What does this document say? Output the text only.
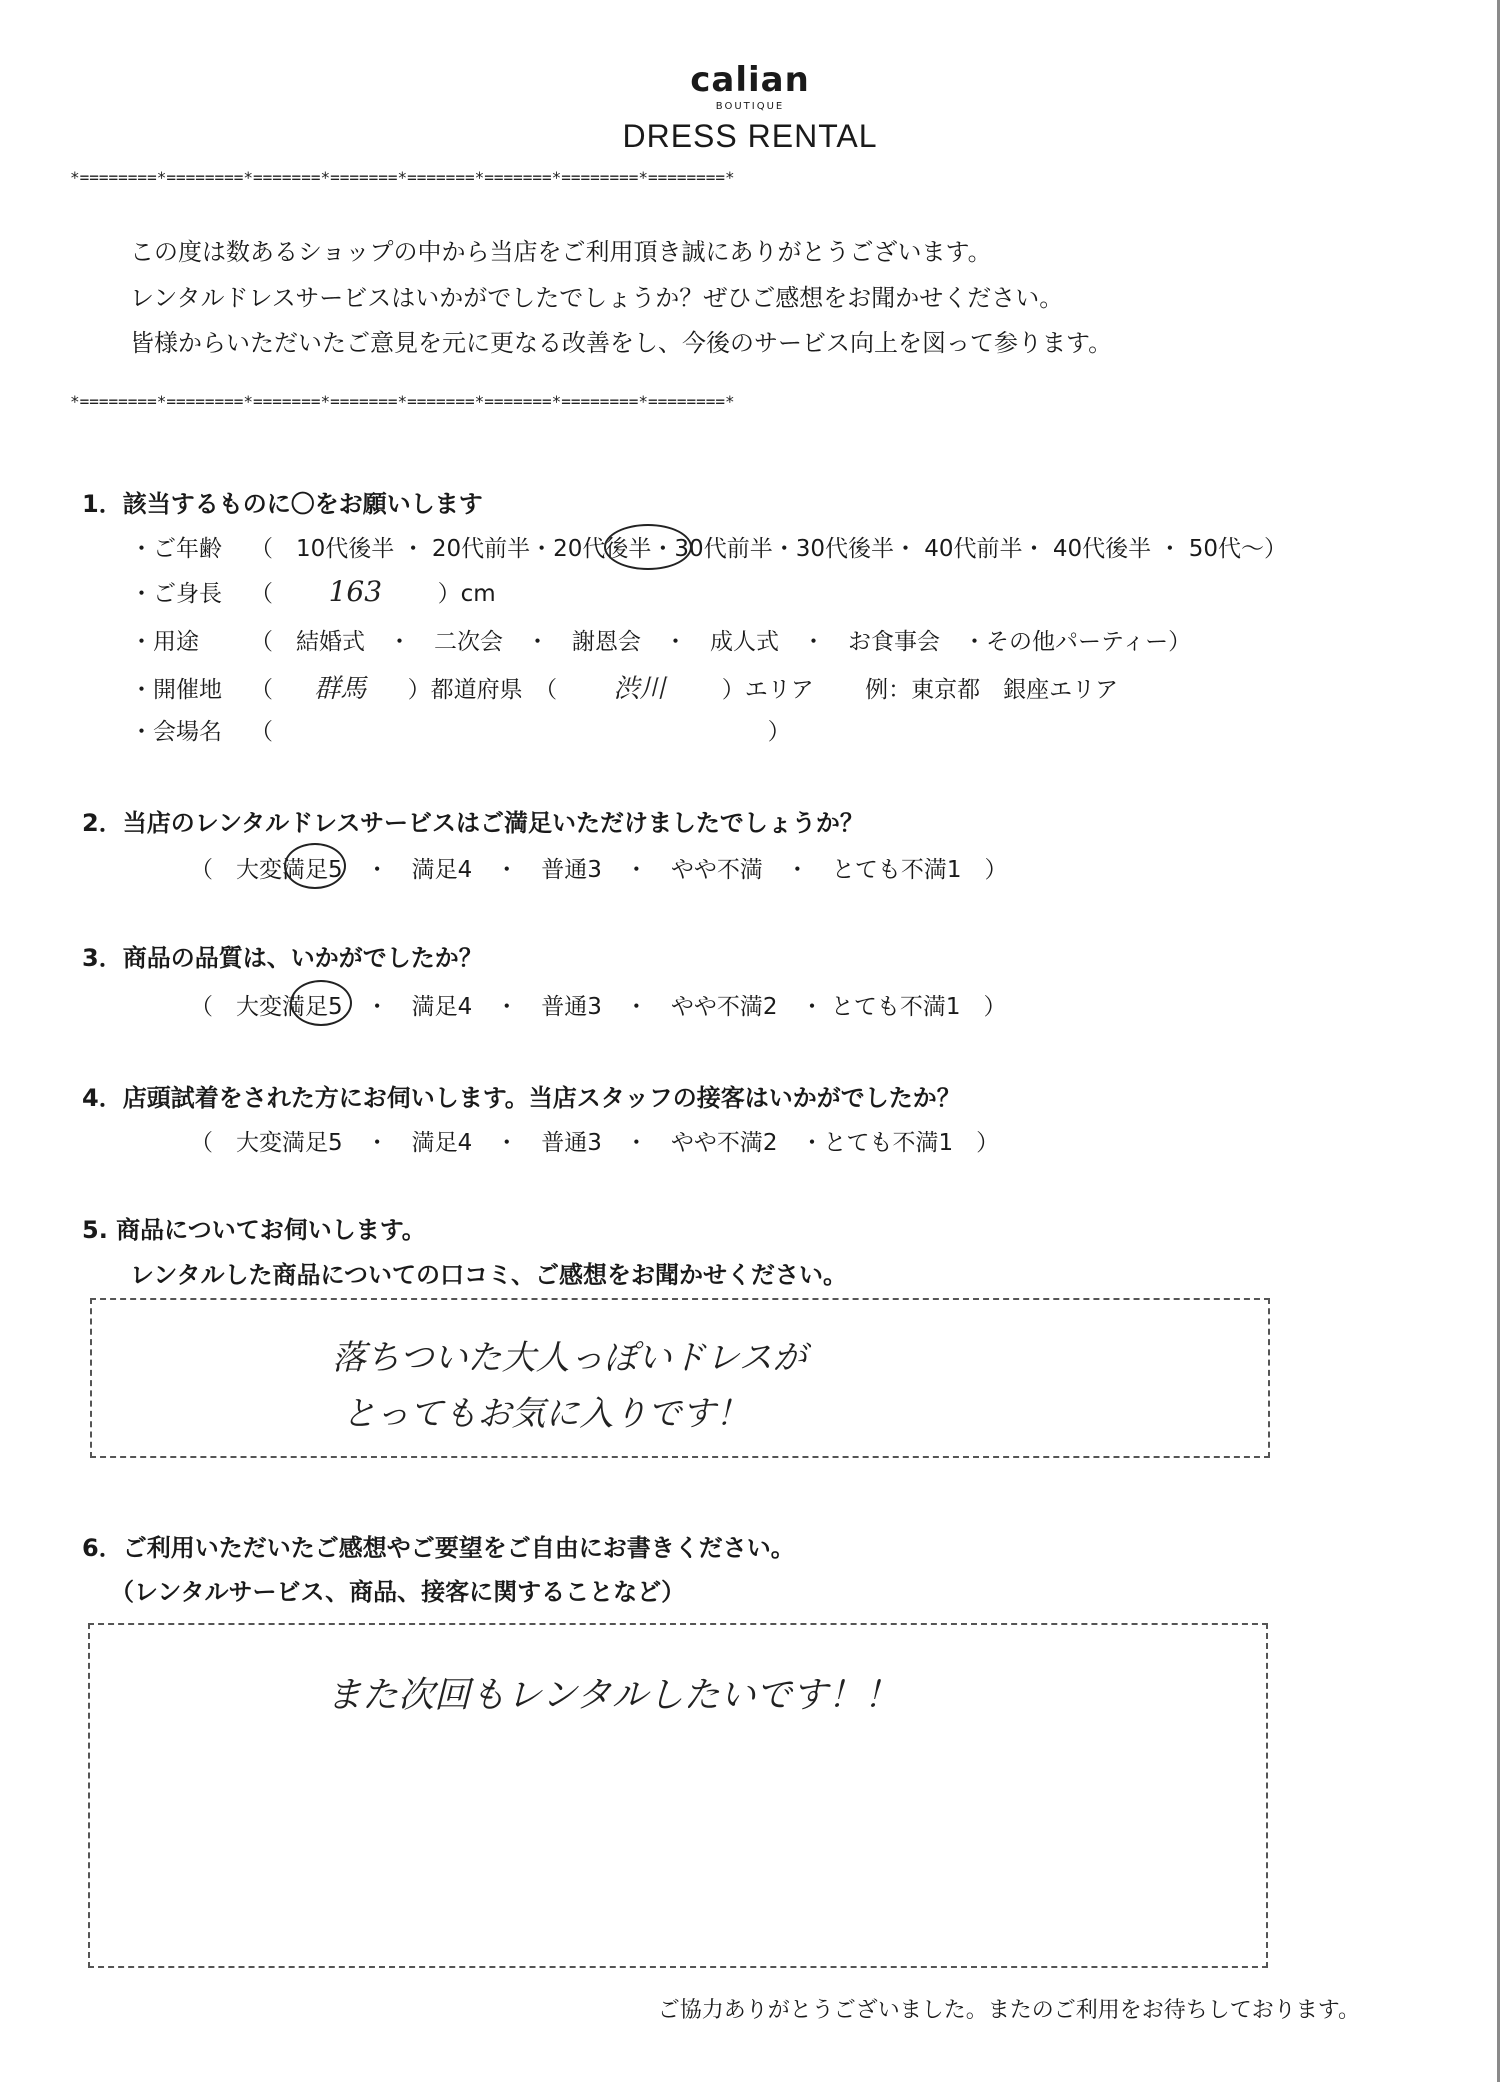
calian
BOUTIQUE
DRESS RENTAL
*========*========*=======*=======*=======*=======*========*========*
この度は数あるショップの中から当店をご利用頂き誠にありがとうございます。
レンタルドレスサービスはいかがでしたでしょうか？ぜひご感想をお聞かせください。
皆様からいただいたご意見を元に更なる改善をし、今後のサービス向上を図って参ります。
*========*========*=======*=======*=======*=======*========*========*
1．該当するものに〇をお願いします
・ご年齢 （　10代後半 ・ 20代前半・20代後半・30代前半・30代後半・ 40代前半・ 40代後半 ・ 50代～）
・ご身長 （ 163 ）cm
・用途 （　結婚式　・　二次会　・　謝恩会　・　成人式　・　お食事会　・その他パーティー）
・開催地 （ 群馬 ）都道府県　（ 渋川 ）エリア 例：東京都　銀座エリア
・会場名 （	）
2．当店のレンタルドレスサービスはご満足いただけましたでしょうか？
（　大変満足5　・　満足4　・　普通3　・　やや不満　・　とても不満1　）
3．商品の品質は、いかがでしたか？
（　大変満足5　・　満足4　・　普通3　・　やや不満2　・ とても不満1　）
4．店頭試着をされた方にお伺いします。当店スタッフの接客はいかがでしたか？
（　大変満足5　・　満足4　・　普通3　・　やや不満2　・とても不満1　）
5. 商品についてお伺いします。
レンタルした商品についての口コミ、ご感想をお聞かせください。
落ちついた大人っぽいドレスが
とってもお気に入りです！
6．ご利用いただいたご感想やご要望をご自由にお書きください。
（レンタルサービス、商品、接客に関することなど）
また次回もレンタルしたいです！！
ご協力ありがとうございました。またのご利用をお待ちしております。
